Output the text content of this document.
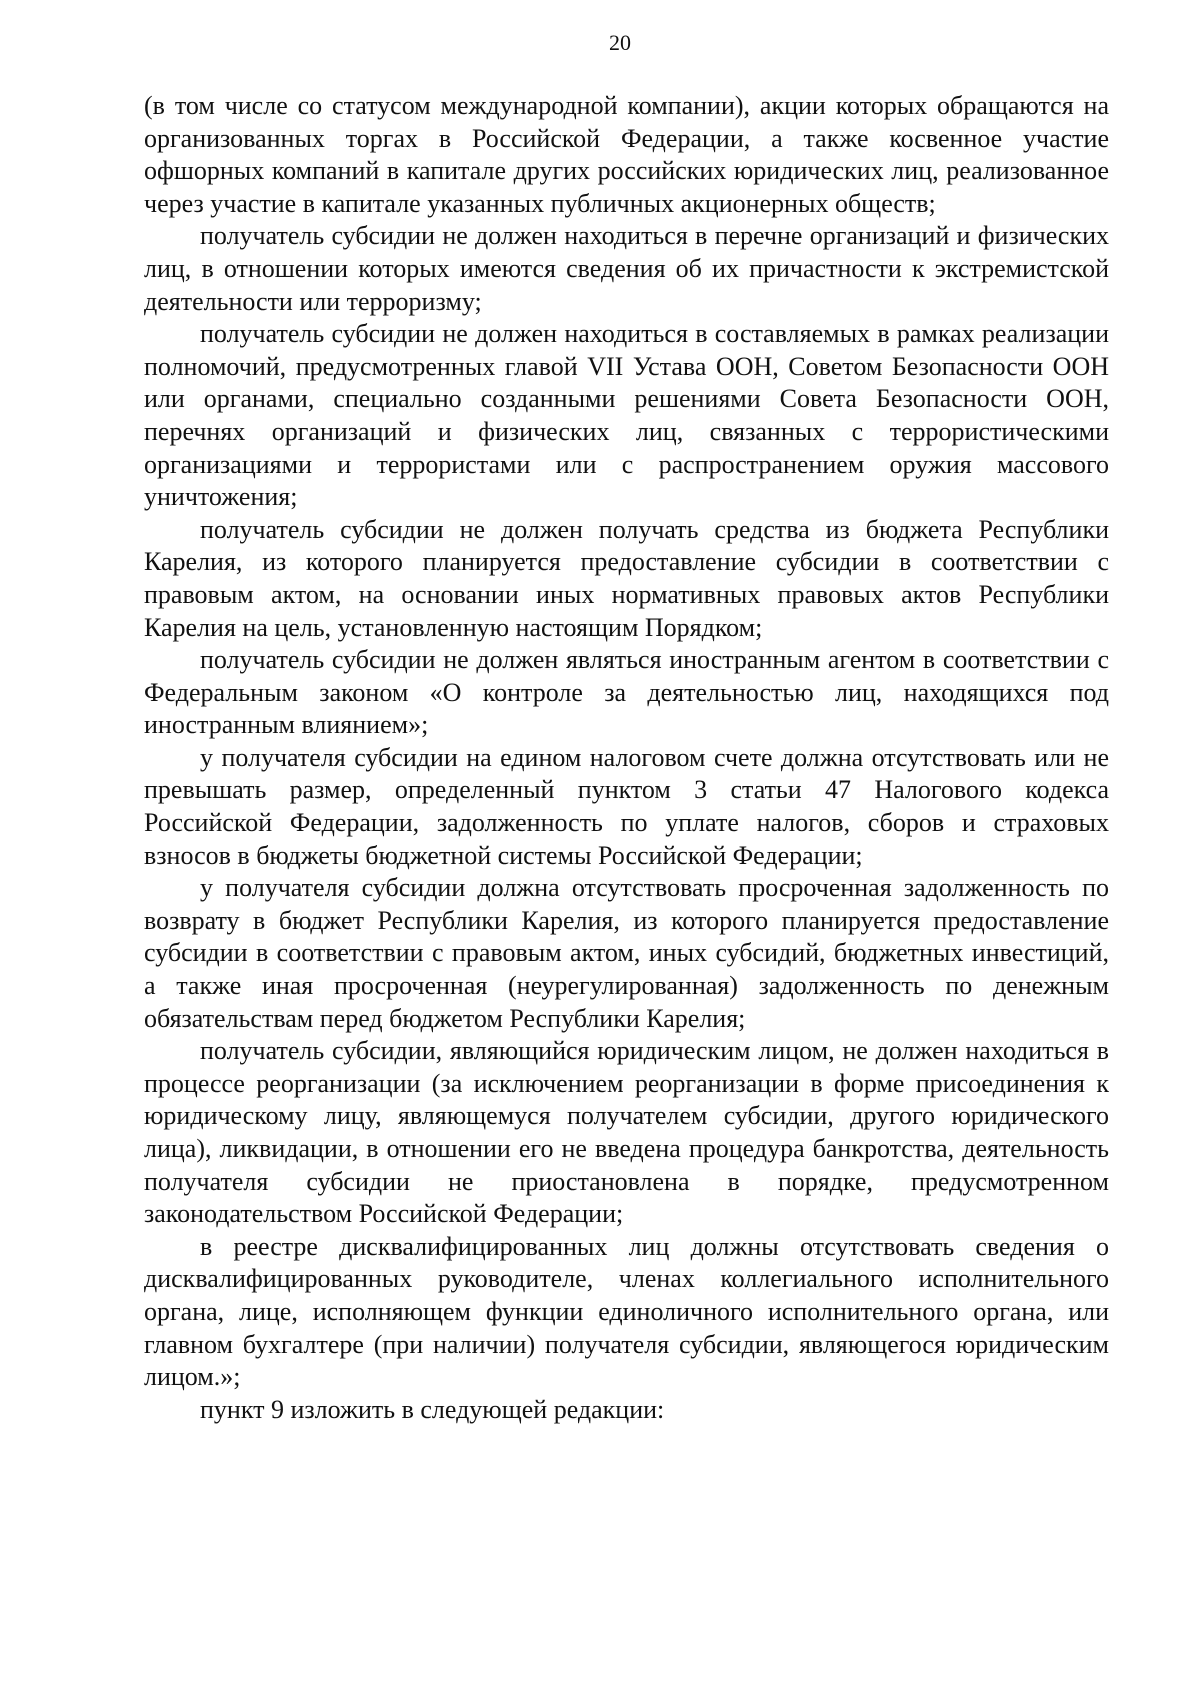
20

(в том числе со статусом международной компании), акции которых обращаются на организованных торгах в Российской Федерации, а также косвенное участие офшорных компаний в капитале других российских юридических лиц, реализованное через участие в капитале указанных публичных акционерных обществ;

получатель субсидии не должен находиться в перечне организаций и физических лиц, в отношении которых имеются сведения об их причастности к экстремистской деятельности или терроризму;

получатель субсидии не должен находиться в составляемых в рамках реализации полномочий, предусмотренных главой VII Устава ООН, Советом Безопасности ООН или органами, специально созданными решениями Совета Безопасности ООН, перечнях организаций и физических лиц, связанных с террористическими организациями и террористами или с распространением оружия массового уничтожения;

получатель субсидии не должен получать средства из бюджета Республики Карелия, из которого планируется предоставление субсидии в соответствии с правовым актом, на основании иных нормативных правовых актов Республики Карелия на цель, установленную настоящим Порядком;

получатель субсидии не должен являться иностранным агентом в соответствии с Федеральным законом «О контроле за деятельностью лиц, находящихся под иностранным влиянием»;

у получателя субсидии на едином налоговом счете должна отсутствовать или не превышать размер, определенный пунктом 3 статьи 47 Налогового кодекса Российской Федерации, задолженность по уплате налогов, сборов и страховых взносов в бюджеты бюджетной системы Российской Федерации;

у получателя субсидии должна отсутствовать просроченная задолженность по возврату в бюджет Республики Карелия, из которого планируется предоставление субсидии в соответствии с правовым актом, иных субсидий, бюджетных инвестиций, а также иная просроченная (неурегулированная) задолженность по денежным обязательствам перед бюджетом Республики Карелия;

получатель субсидии, являющийся юридическим лицом, не должен находиться в процессе реорганизации (за исключением реорганизации в форме присоединения к юридическому лицу, являющемуся получателем субсидии, другого юридического лица), ликвидации, в отношении его не введена процедура банкротства, деятельность получателя субсидии не приостановлена в порядке, предусмотренном законодательством Российской Федерации;

в реестре дисквалифицированных лиц должны отсутствовать сведения о дисквалифицированных руководителе, членах коллегиального исполнительного органа, лице, исполняющем функции единоличного исполнительного органа, или главном бухгалтере (при наличии) получателя субсидии, являющегося юридическим лицом.»;

пункт 9 изложить в следующей редакции:
